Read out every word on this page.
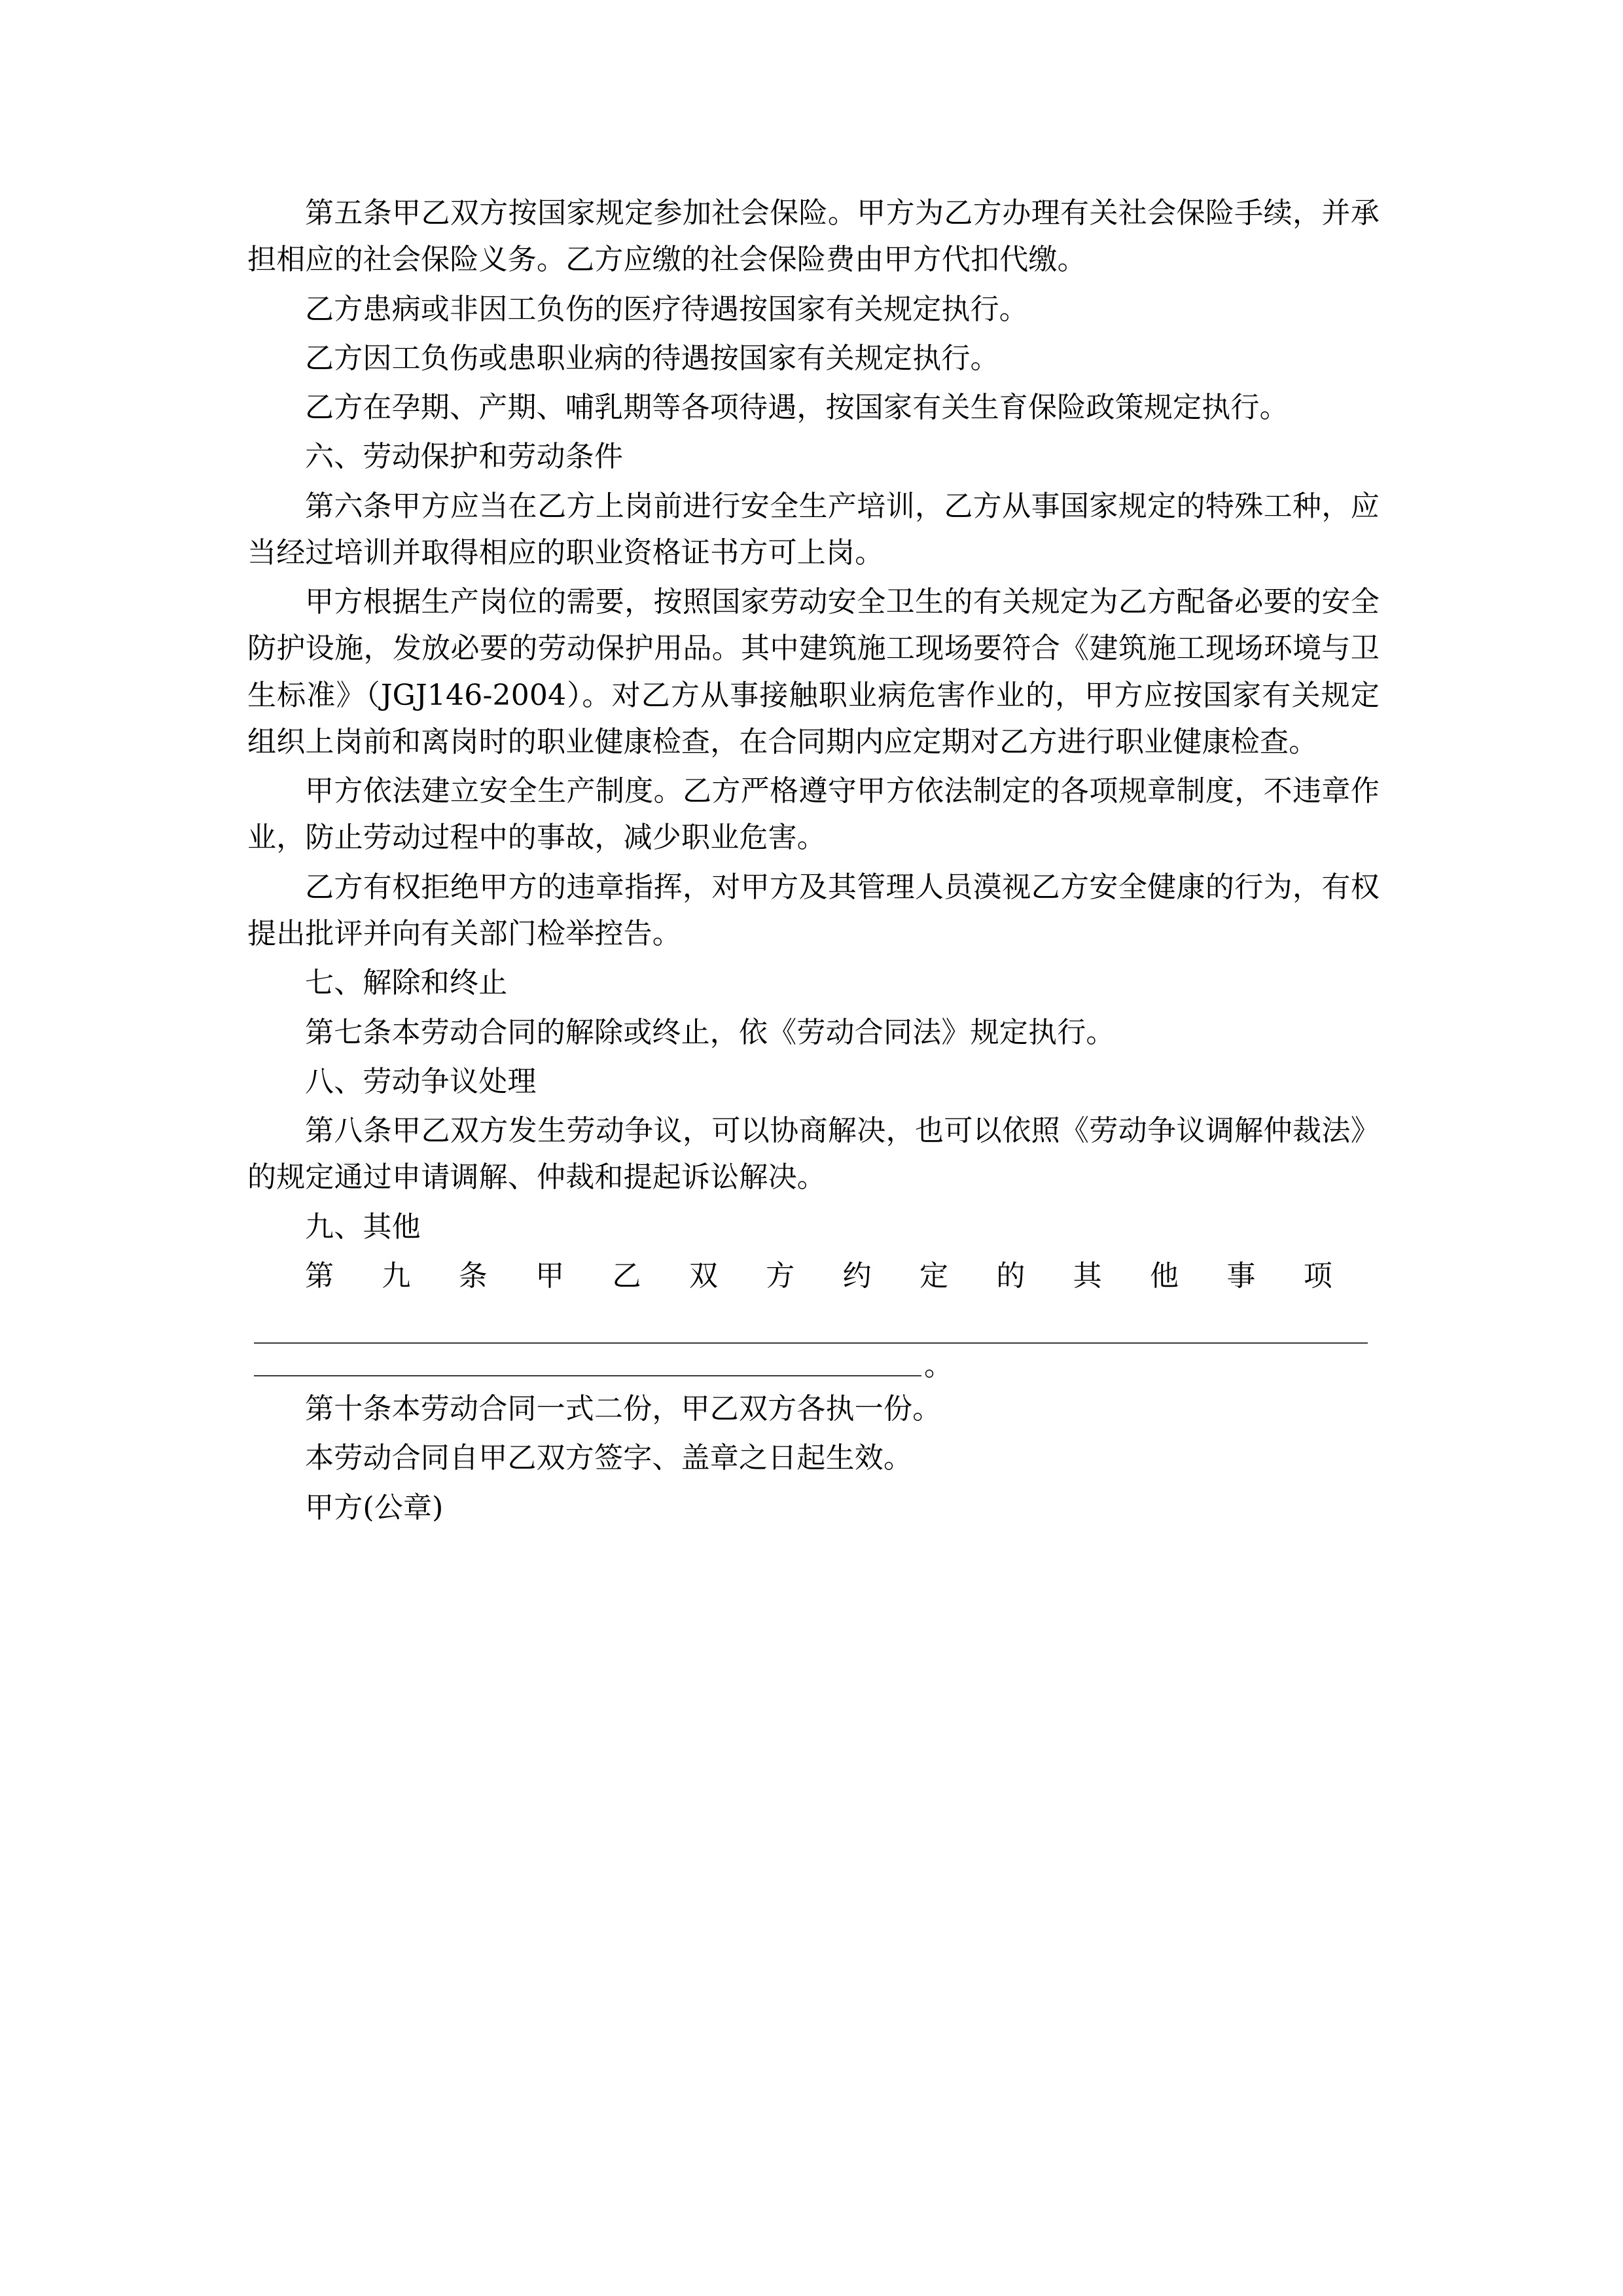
第五条甲乙双方按国家规定参加社会保险。甲方为乙方办理有关社会保险手续，并承担相应的社会保险义务。乙方应缴的社会保险费由甲方代扣代缴。

乙方患病或非因工负伤的医疗待遇按国家有关规定执行。

乙方因工负伤或患职业病的待遇按国家有关规定执行。

乙方在孕期、产期、哺乳期等各项待遇，按国家有关生育保险政策规定执行。

六、劳动保护和劳动条件

第六条甲方应当在乙方上岗前进行安全生产培训，乙方从事国家规定的特殊工种，应当经过培训并取得相应的职业资格证书方可上岗。

甲方根据生产岗位的需要，按照国家劳动安全卫生的有关规定为乙方配备必要的安全防护设施，发放必要的劳动保护用品。其中建筑施工现场要符合《建筑施工现场环境与卫生标准》（JGJ146-2004）。对乙方从事接触职业病危害作业的，甲方应按国家有关规定组织上岗前和离岗时的职业健康检查，在合同期内应定期对乙方进行职业健康检查。

甲方依法建立安全生产制度。乙方严格遵守甲方依法制定的各项规章制度，不违章作业，防止劳动过程中的事故，减少职业危害。

乙方有权拒绝甲方的违章指挥，对甲方及其管理人员漠视乙方安全健康的行为，有权提出批评并向有关部门检举控告。

七、解除和终止

第七条本劳动合同的解除或终止，依《劳动合同法》规定执行。

八、劳动争议处理

第八条甲乙双方发生劳动争议，可以协商解决，也可以依照《劳动争议调解仲裁法》的规定通过申请调解、仲裁和提起诉讼解决。

九、其他

第 九 条 甲 乙 双 方 约 定 的 其 他 事 项

。

第十条本劳动合同一式二份，甲乙双方各执一份。

本劳动合同自甲乙双方签字、盖章之日起生效。

甲方(公章)
